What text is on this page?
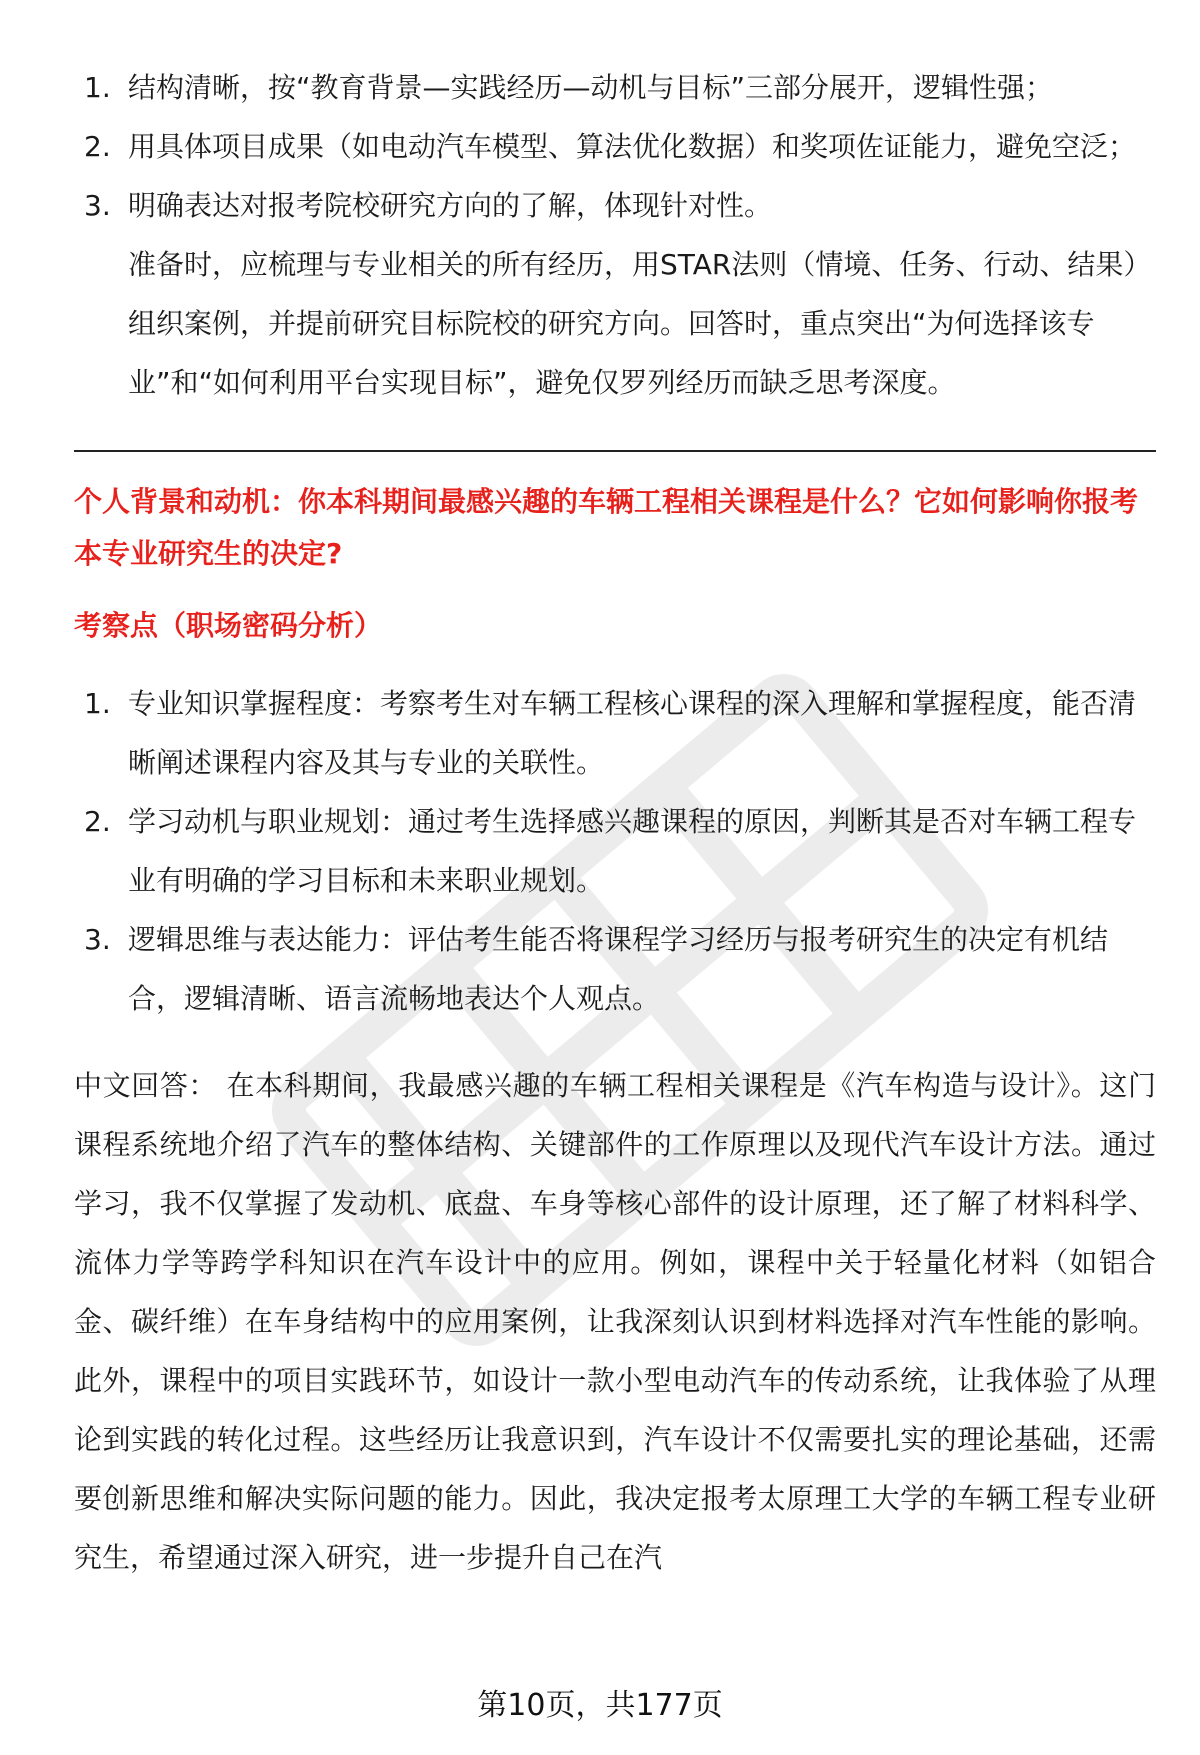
1. 结构清晰，按“教育背景—实践经历—动机与目标”三部分展开，逻辑性强；
2. 用具体项目成果（如电动汽车模型、算法优化数据）和奖项佐证能力，避免空泛；
3. 明确表达对报考院校研究方向的了解，体现针对性。

准备时，应梳理与专业相关的所有经历，用STAR法则（情境、任务、行动、结果）组织案例，并提前研究目标院校的研究方向。回答时，重点突出“为何选择该专业”和“如何利用平台实现目标”，避免仅罗列经历而缺乏思考深度。

个人背景和动机：你本科期间最感兴趣的车辆工程相关课程是什么？它如何影响你报考本专业研究生的决定?

考察点（职场密码分析）

1. 专业知识掌握程度：考察考生对车辆工程核心课程的深入理解和掌握程度，能否清晰阐述课程内容及其与专业的关联性。
2. 学习动机与职业规划：通过考生选择感兴趣课程的原因，判断其是否对车辆工程专业有明确的学习目标和未来职业规划。
3. 逻辑思维与表达能力：评估考生能否将课程学习经历与报考研究生的决定有机结合，逻辑清晰、语言流畅地表达个人观点。

中文回答： 在本科期间，我最感兴趣的车辆工程相关课程是《汽车构造与设计》。这门课程系统地介绍了汽车的整体结构、关键部件的工作原理以及现代汽车设计方法。通过学习，我不仅掌握了发动机、底盘、车身等核心部件的设计原理，还了解了材料科学、流体力学等跨学科知识在汽车设计中的应用。例如，课程中关于轻量化材料（如铝合金、碳纤维）在车身结构中的应用案例，让我深刻认识到材料选择对汽车性能的影响。此外，课程中的项目实践环节，如设计一款小型电动汽车的传动系统，让我体验了从理论到实践的转化过程。这些经历让我意识到，汽车设计不仅需要扎实的理论基础，还需要创新思维和解决实际问题的能力。因此，我决定报考太原理工大学的车辆工程专业研究生，希望通过深入研究，进一步提升自己在汽

第10页，共177页
